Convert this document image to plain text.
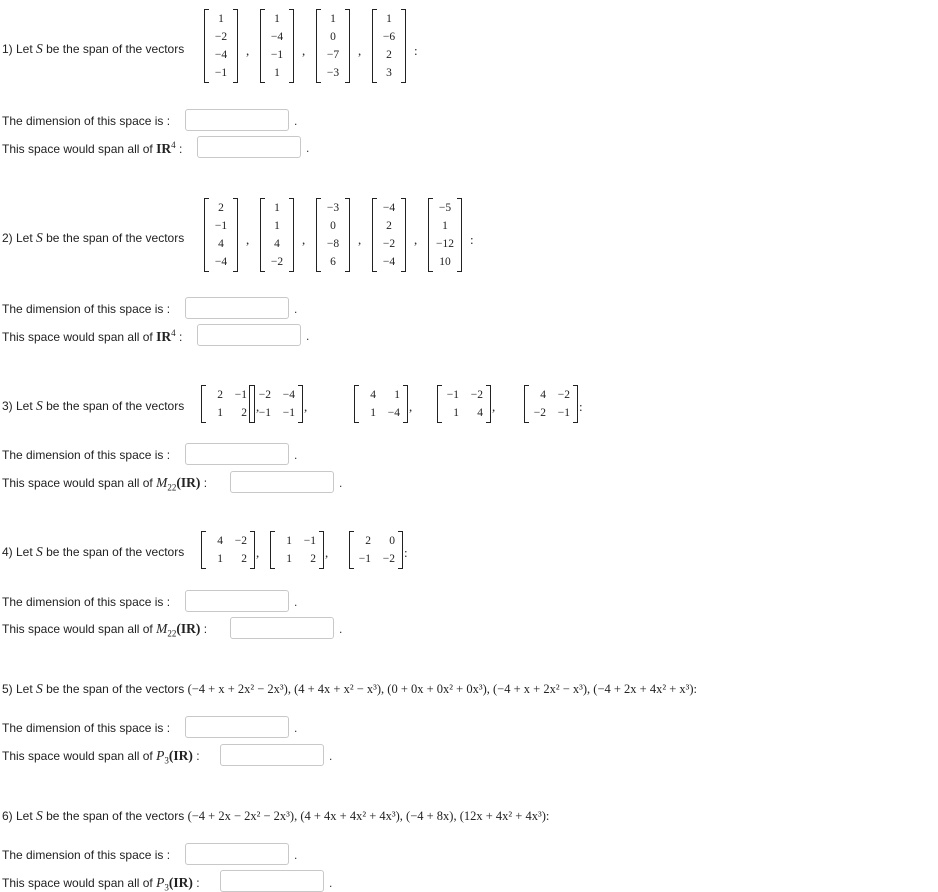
1) Let S be the span of the vectors
1
−2
−4
−1
,
1
−4
−1
1
,
1
0
−7
−3
,
1
−6
2
3
:
The dimension of this space is :	.
This space would span all of $IR^4$ :	.
2) Let S be the span of the vectors
2
−1
4
−4
,
1
1
4
−2
,
−3
0
−8
6
,
−4
2
−2
−4
,
−5
1
−12
10
:
The dimension of this space is :	.
This space would span all of $IR^4$ :	.
3) Let S be the span of the vectors
2 −1
1	2 ,
−2 −4
−1 −1 ,
4	1
1 −4 ,
−1 −2
1	4 ,
4 −2
−2 −1 :
The dimension of this space is :	.
This space would span all of $M_{22}(IR)$ :	.
4) Let S be the span of the vectors
4 −2
1	2 ,
1 −1
1	2 ,
2	0
−1 −2 :
The dimension of this space is :	.
This space would span all of $M_{22}(IR)$ :	.
5) Let S be the span of the vectors (−4 + x + 2x² − 2x³), (4 + 4x + x² − x³), (0 + 0x + 0x² + 0x³), (−4 + x + 2x² − x³), (−4 + 2x + 4x² + x³):
The dimension of this space is :	.
This space would span all of $P_3(IR)$ :	.
6) Let S be the span of the vectors (−4 + 2x − 2x² − 2x³), (4 + 4x + 4x² + 4x³), (−4 + 8x), (12x + 4x² + 4x³):
The dimension of this space is :	.
This space would span all of $P_3(IR)$ :	.
